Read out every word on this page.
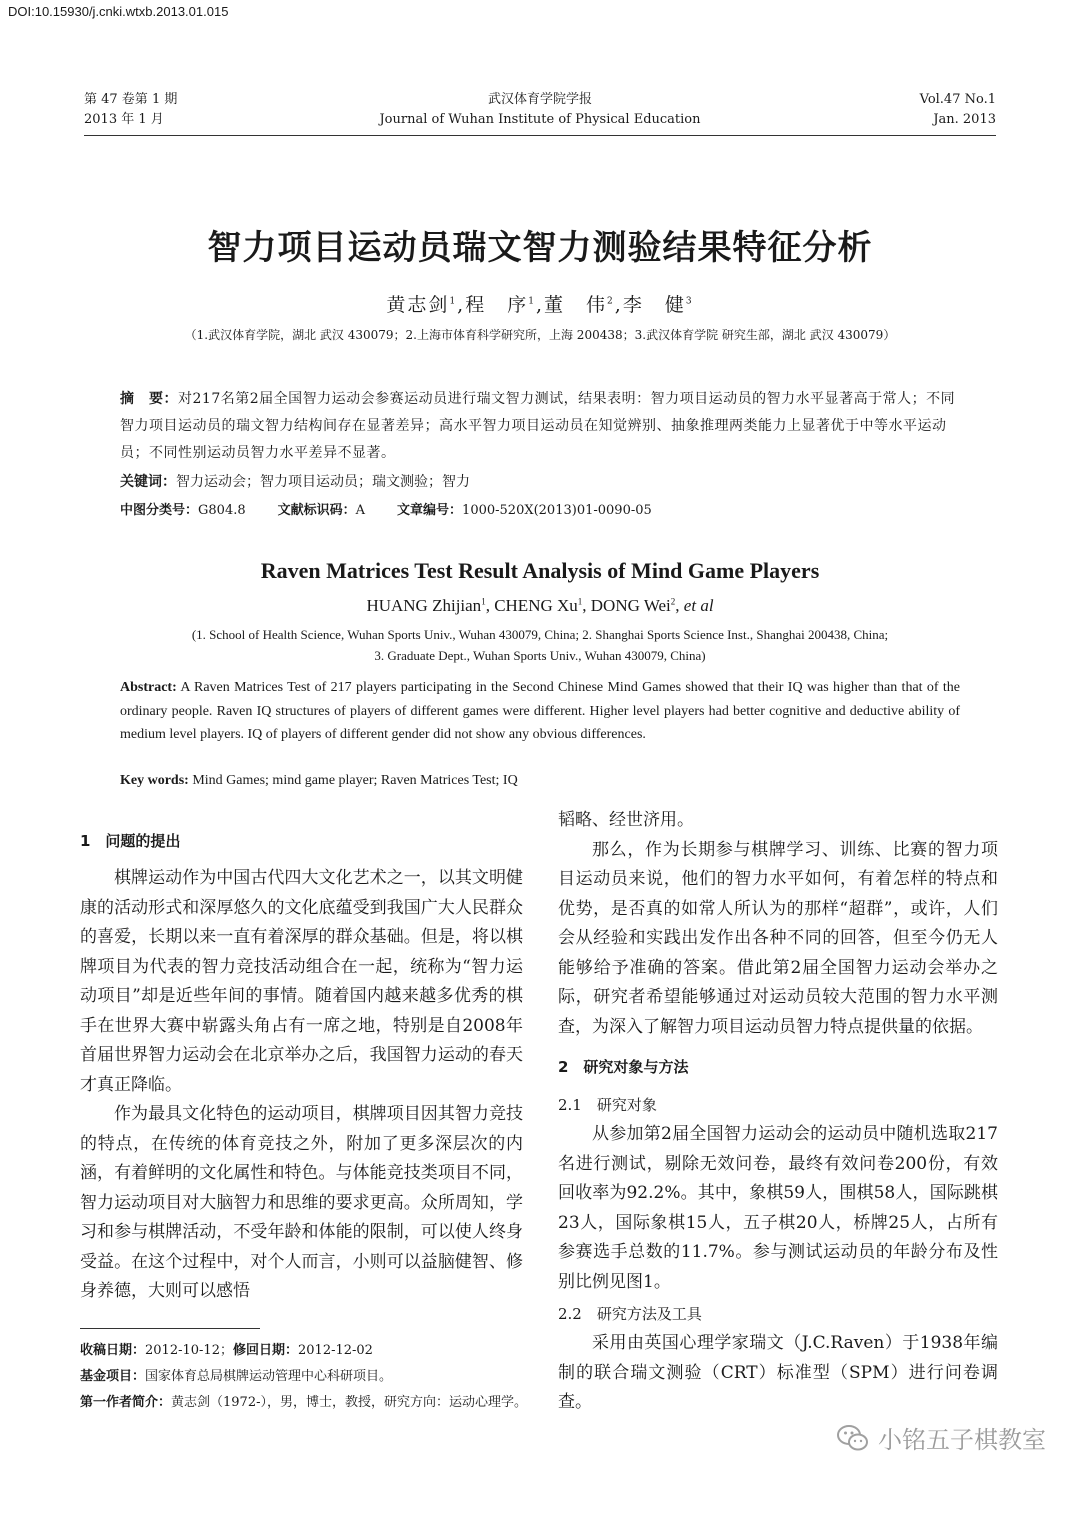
DOI:10.15930/j.cnki.wtxb.2013.01.015
第 47 卷第 1 期
2013 年 1 月
武汉体育学院学报
Journal of Wuhan Institute of Physical Education
Vol.47 No.1
Jan. 2013
智力项目运动员瑞文智力测验结果特征分析
黄志剑$^1$,程　序$^1$,董　伟$^2$,李　健$^3$
（1.武汉体育学院，湖北 武汉 430079；2.上海市体育科学研究所，上海 200438；3.武汉体育学院 研究生部，湖北 武汉 430079）
摘　要：对217名第2届全国智力运动会参赛运动员进行瑞文智力测试，结果表明：智力项目运动员的智力水平显著高于常人；不同智力项目运动员的瑞文智力结构间存在显著差异；高水平智力项目运动员在知觉辨别、抽象推理两类能力上显著优于中等水平运动员；不同性别运动员智力水平差异不显著。
关键词：智力运动会；智力项目运动员；瑞文测验；智力
中图分类号：G804.8 文献标识码：A 文章编号：1000-520X(2013)01-0090-05
Raven Matrices Test Result Analysis of Mind Game Players
HUANG Zhijian$^1$, CHENG Xu$^1$, DONG Wei$^2$, et al
(1. School of Health Science, Wuhan Sports Univ., Wuhan 430079, China; 2. Shanghai Sports Science Inst., Shanghai 200438, China;
3. Graduate Dept., Wuhan Sports Univ., Wuhan 430079, China)
Abstract: A Raven Matrices Test of 217 players participating in the Second Chinese Mind Games showed that their IQ was higher than that of the ordinary people. Raven IQ structures of players of different games were different. Higher level players had better cognitive and deductive ability of medium level players. IQ of players of different gender did not show any obvious differences.
Key words: Mind Games; mind game player; Raven Matrices Test; IQ
1　问题的提出

棋牌运动作为中国古代四大文化艺术之一，以其文明健康的活动形式和深厚悠久的文化底蕴受到我国广大人民群众的喜爱，长期以来一直有着深厚的群众基础。但是，将以棋牌项目为代表的智力竞技活动组合在一起，统称为“智力运动项目”却是近些年间的事情。随着国内越来越多优秀的棋手在世界大赛中崭露头角占有一席之地，特别是自2008年首届世界智力运动会在北京举办之后，我国智力运动的春天才真正降临。

作为最具文化特色的运动项目，棋牌项目因其智力竞技的特点，在传统的体育竞技之外，附加了更多深层次的内涵，有着鲜明的文化属性和特色。与体能竞技类项目不同，智力运动项目对大脑智力和思维的要求更高。众所周知，学习和参与棋牌活动，不受年龄和体能的限制，可以使人终身受益。在这个过程中，对个人而言，小则可以益脑健智、修身养德，大则可以感悟

韬略、经世济用。

那么，作为长期参与棋牌学习、训练、比赛的智力项目运动员来说，他们的智力水平如何，有着怎样的特点和优势，是否真的如常人所认为的那样“超群”，或许，人们会从经验和实践出发作出各种不同的回答，但至今仍无人能够给予准确的答案。借此第2届全国智力运动会举办之际，研究者希望能够通过对运动员较大范围的智力水平测查，为深入了解智力项目运动员智力特点提供量的依据。

2　研究对象与方法
2.1　研究对象

从参加第2届全国智力运动会的运动员中随机选取217名进行测试，剔除无效问卷，最终有效问卷200份，有效回收率为92.2%。其中，象棋59人，围棋58人，国际跳棋23人，国际象棋15人，五子棋20人，桥牌25人，占所有参赛选手总数的11.7%。参与测试运动员的年龄分布及性别比例见图1。

2.2　研究方法及工具

采用由英国心理学家瑞文（J.C.Raven）于1938年编制的联合瑞文测验（CRT）标准型（SPM）进行问卷调查。

收稿日期：2012-10-12；修回日期：2012-12-02
基金项目：国家体育总局棋牌运动管理中心科研项目。
第一作者简介：黄志剑（1972-），男，博士，教授，研究方向：运动心理学。
小铭五子棋教室
